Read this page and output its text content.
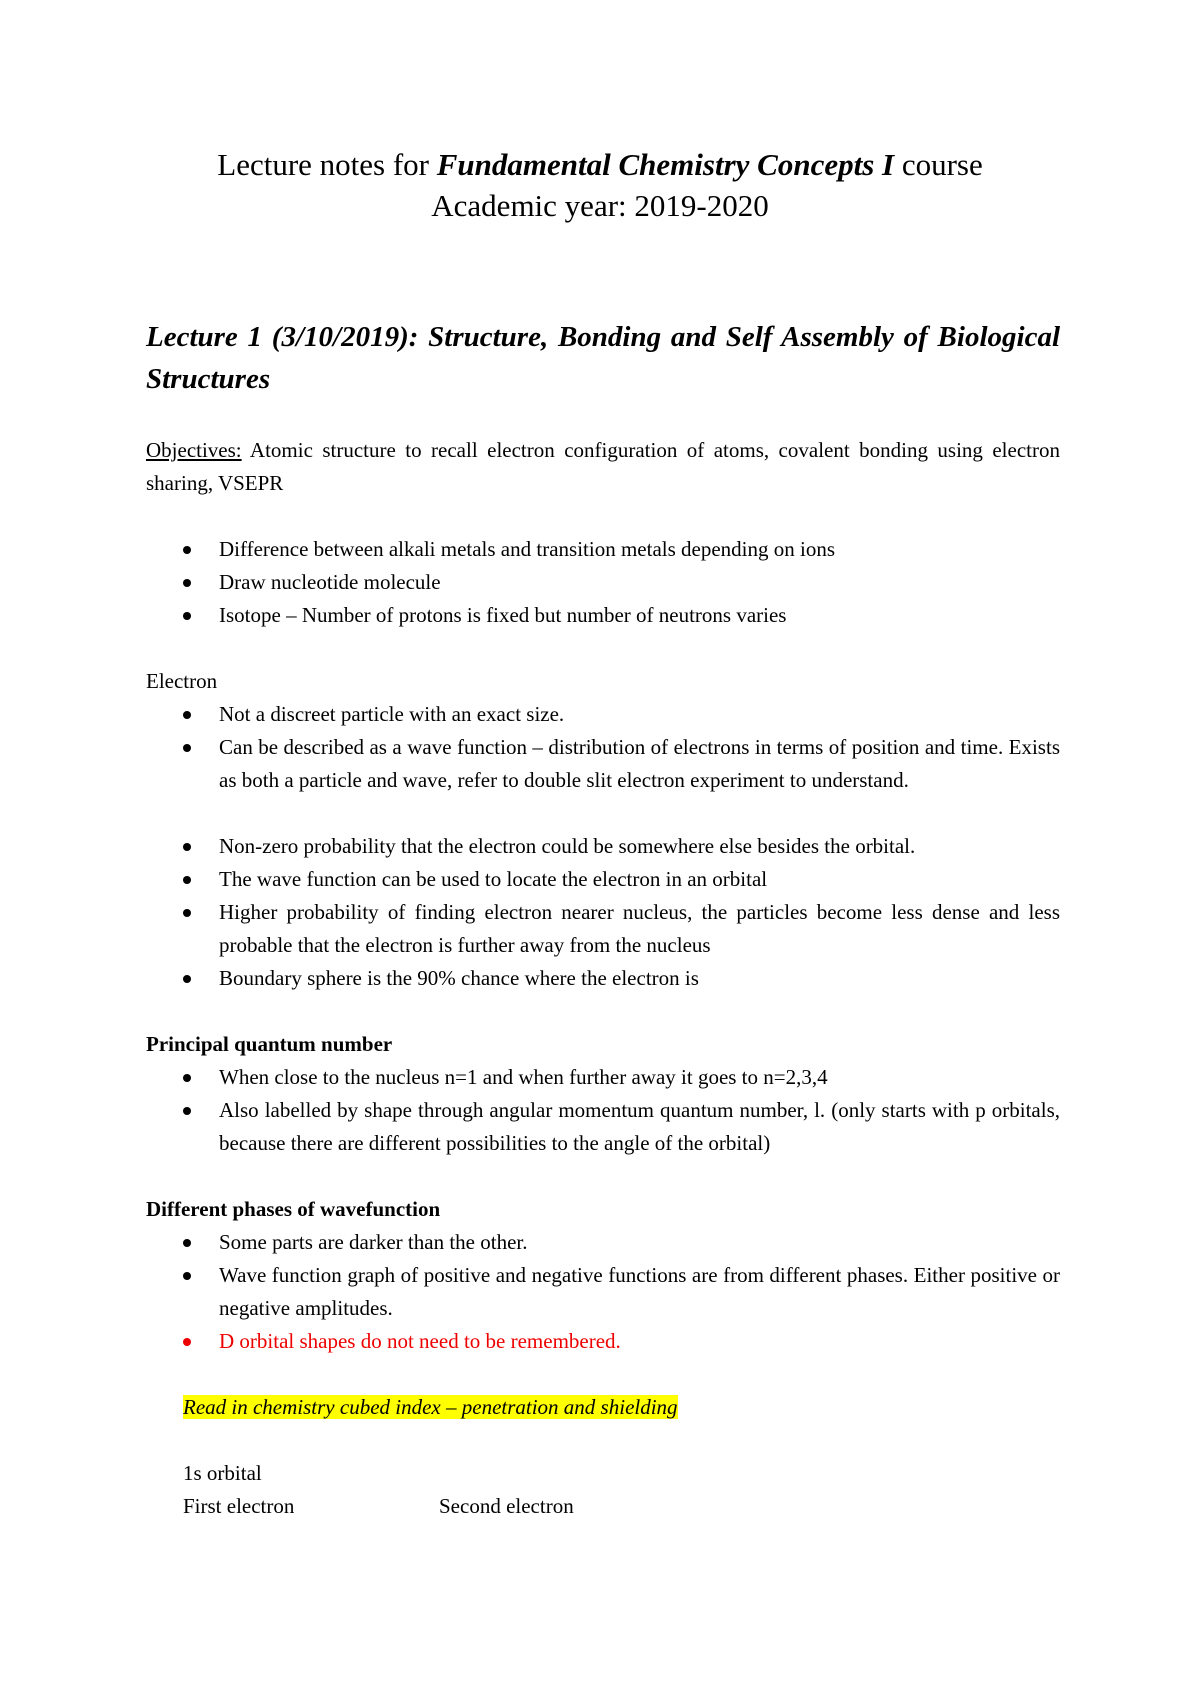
Lecture notes for Fundamental Chemistry Concepts I course
Academic year: 2019-2020
Lecture 1 (3/10/2019): Structure, Bonding and Self Assembly of Biological Structures
Objectives: Atomic structure to recall electron configuration of atoms, covalent bonding using electron sharing, VSEPR
Difference between alkali metals and transition metals depending on ions
Draw nucleotide molecule
Isotope – Number of protons is fixed but number of neutrons varies
Electron
Not a discreet particle with an exact size.
Can be described as a wave function – distribution of electrons in terms of position and time. Exists as both a particle and wave, refer to double slit electron experiment to understand.
Non-zero probability that the electron could be somewhere else besides the orbital.
The wave function can be used to locate the electron in an orbital
Higher probability of finding electron nearer nucleus, the particles become less dense and less probable that the electron is further away from the nucleus
Boundary sphere is the 90% chance where the electron is
Principal quantum number
When close to the nucleus n=1 and when further away it goes to n=2,3,4
Also labelled by shape through angular momentum quantum number, l. (only starts with p orbitals, because there are different possibilities to the angle of the orbital)
Different phases of wavefunction
Some parts are darker than the other.
Wave function graph of positive and negative functions are from different phases. Either positive or negative amplitudes.
D orbital shapes do not need to be remembered.
Read in chemistry cubed index – penetration and shielding
1s orbital
First electron	Second electron
